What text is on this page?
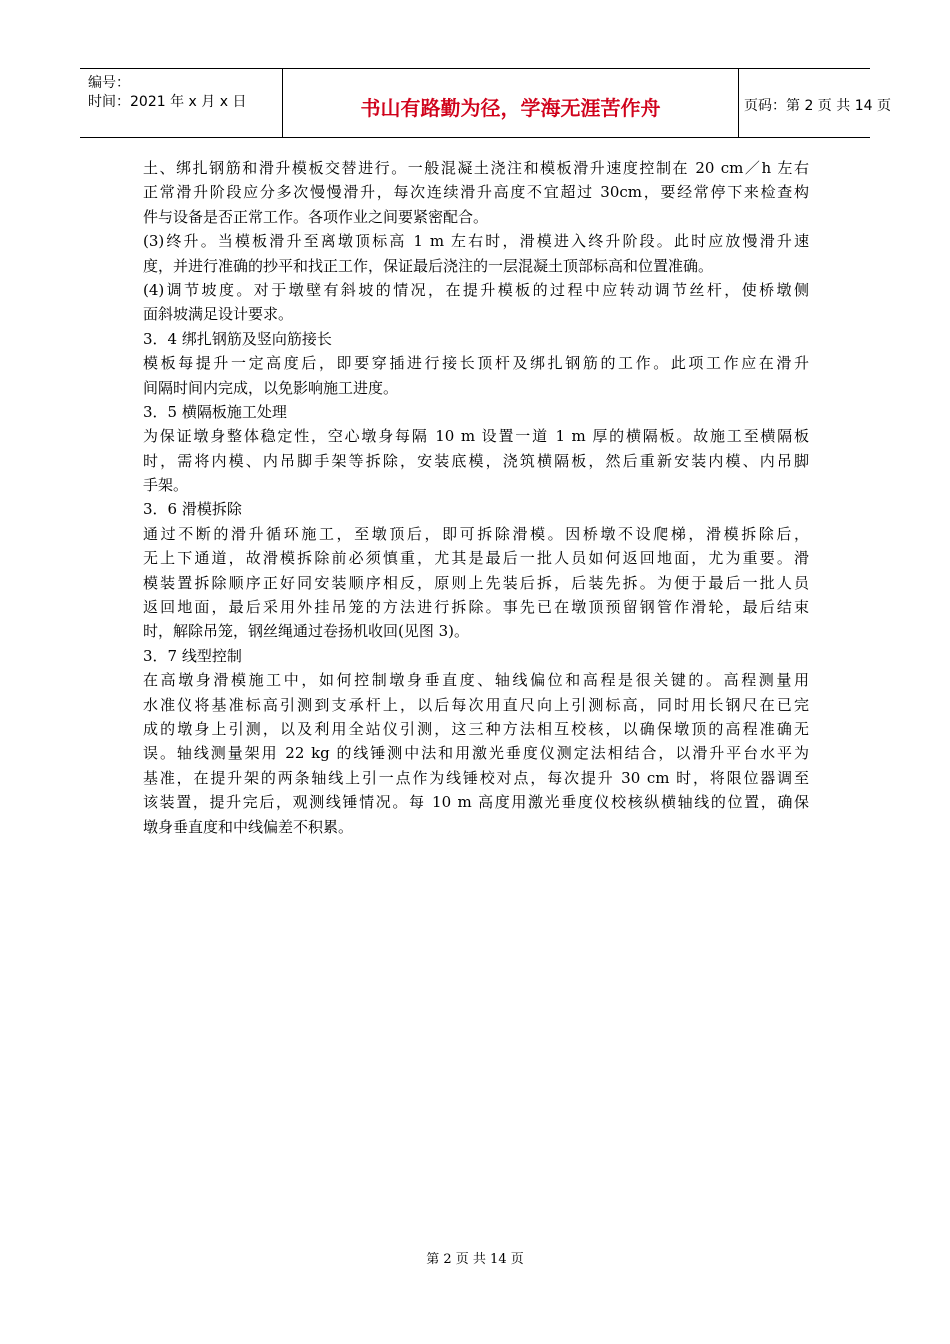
编号：
时间：2021 年 x 月 x 日	书山有路勤为径，学海无涯苦作舟	页码：第 2 页 共 14 页
土、绑扎钢筋和滑升模板交替进行。一般混凝土浇注和模板滑升速度控制在 20 cm／h 左右
正常滑升阶段应分多次慢慢滑升，每次连续滑升高度不宜超过 30cm，要经常停下来检查构
件与设备是否正常工作。各项作业之间要紧密配合。
(3)终升。当模板滑升至离墩顶标高 1 m 左右时，滑模进入终升阶段。此时应放慢滑升速
度，并进行准确的抄平和找正工作，保证最后浇注的一层混凝土顶部标高和位置准确。
(4)调节坡度。对于墩壁有斜坡的情况，在提升模板的过程中应转动调节丝杆，使桥墩侧
面斜坡满足设计要求。
3．4 绑扎钢筋及竖向筋接长
模板每提升一定高度后，即要穿插进行接长顶杆及绑扎钢筋的工作。此项工作应在滑升
间隔时间内完成，以免影响施工进度。
3．5 横隔板施工处理
为保证墩身整体稳定性，空心墩身每隔 10 m 设置一道 1 m 厚的横隔板。故施工至横隔板
时，需将内模、内吊脚手架等拆除，安装底模，浇筑横隔板，然后重新安装内模、内吊脚
手架。
3．6 滑模拆除
通过不断的滑升循环施工，至墩顶后，即可拆除滑模。因桥墩不设爬梯，滑模拆除后，
无上下通道，故滑模拆除前必须慎重，尤其是最后一批人员如何返回地面，尤为重要。滑
模装置拆除顺序正好同安装顺序相反，原则上先装后拆，后装先拆。为便于最后一批人员
返回地面，最后采用外挂吊笼的方法进行拆除。事先已在墩顶预留钢管作滑轮，最后结束
时，解除吊笼，钢丝绳通过卷扬机收回(见图 3)。
3．7 线型控制
在高墩身滑模施工中，如何控制墩身垂直度、轴线偏位和高程是很关键的。高程测量用
水准仪将基准标高引测到支承杆上，以后每次用直尺向上引测标高，同时用长钢尺在已完
成的墩身上引测，以及利用全站仪引测，这三种方法相互校核，以确保墩顶的高程准确无
误。轴线测量架用 22 kg 的线锤测中法和用激光垂度仪测定法相结合，以滑升平台水平为
基准，在提升架的两条轴线上引一点作为线锤校对点，每次提升 30 cm 时，将限位器调至
该装置，提升完后，观测线锤情况。每 10 m 高度用激光垂度仪校核纵横轴线的位置，确保
墩身垂直度和中线偏差不积累。
第 2 页 共 14 页
